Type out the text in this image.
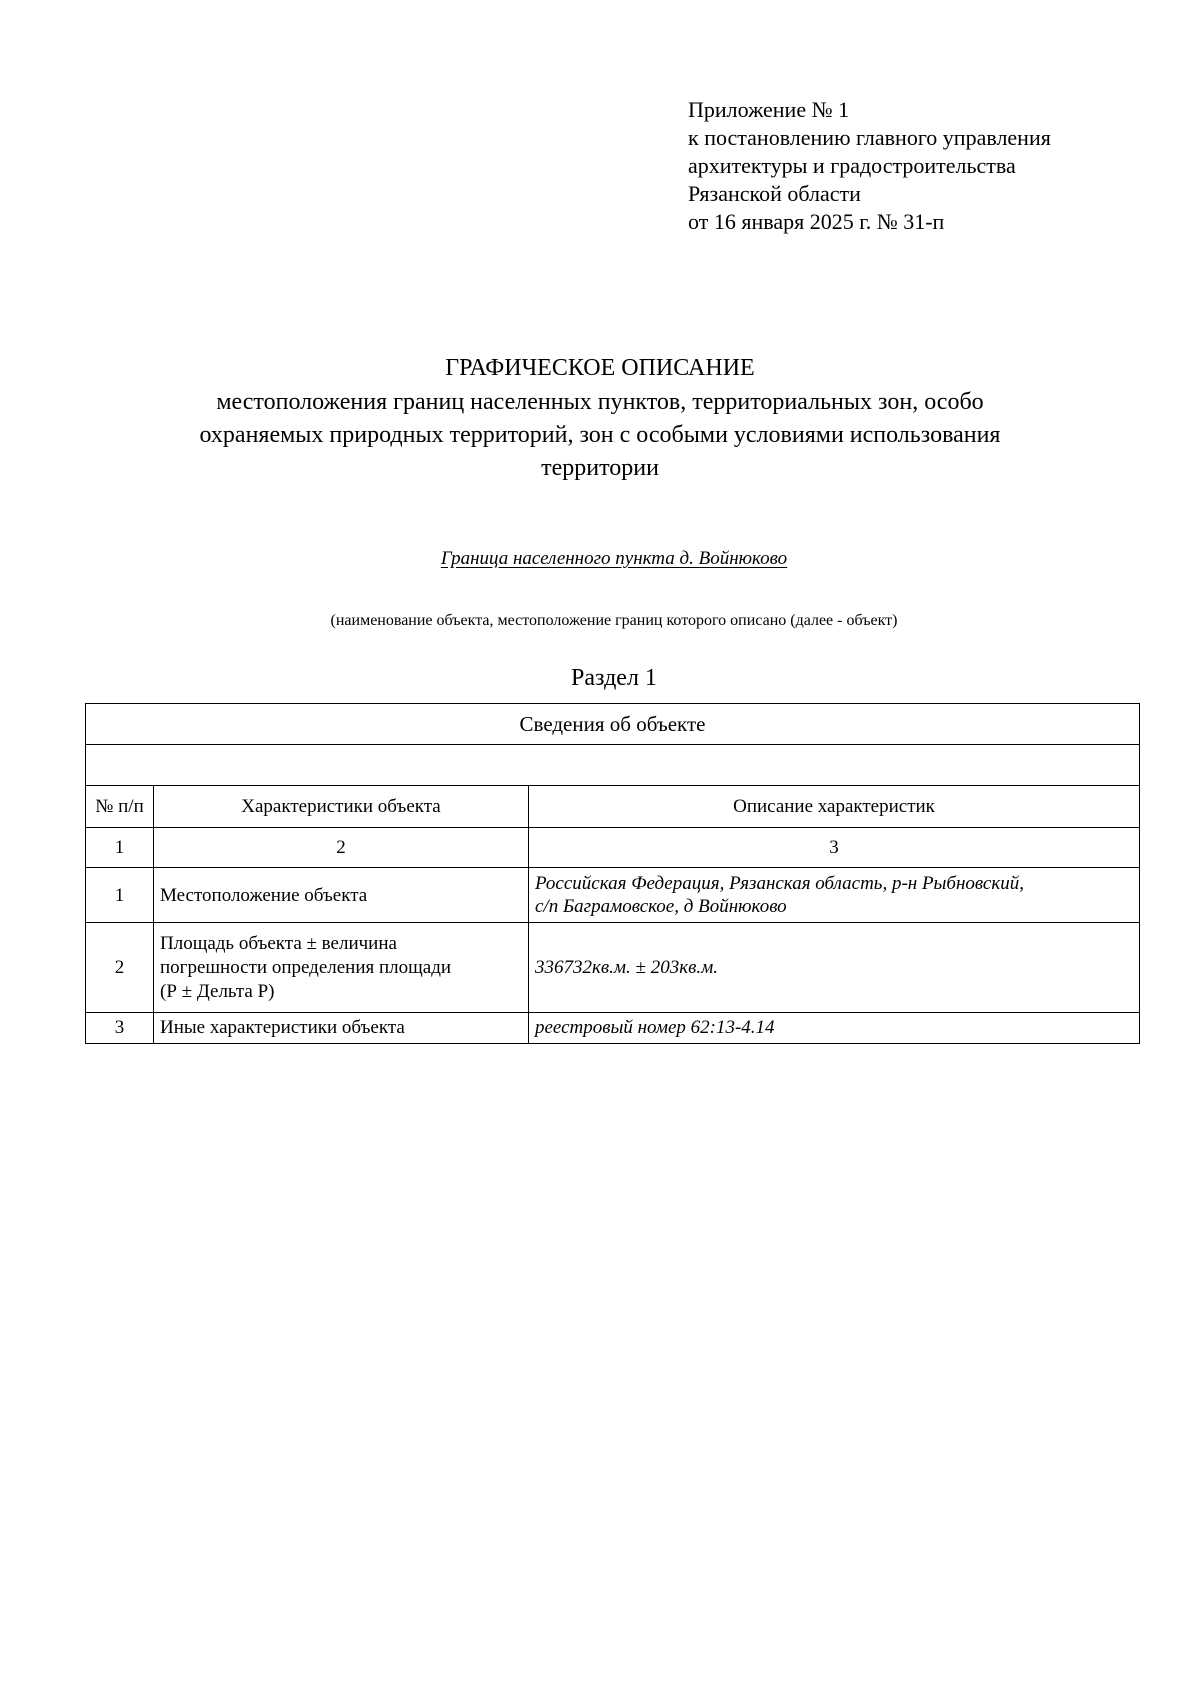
Приложение № 1
к постановлению главного управления
архитектуры и градостроительства
Рязанской области
от 16 января 2025 г. № 31-п
ГРАФИЧЕСКОЕ ОПИСАНИЕ
местоположения границ населенных пунктов, территориальных зон, особо
охраняемых природных территорий, зон с особыми условиями использования
территории
Граница населенного пункта д. Войнюково
(наименование объекта, местоположение границ которого описано (далее - объект)
Раздел 1
Сведения об объекте		

№ п/п	Характеристики объекта	Описание характеристик
1	2	3
1	Местоположение объекта	Российская Федерация, Рязанская область, р-н Рыбновский,
с/п Баграмовское, д Войнюково

2	Площадь объекта ± величина
погрешности определения площади
(Р ± Дельта Р)	336732кв.м. ± 203кв.м.

3	Иные характеристики объекта	реестровый номер 62:13-4.14
